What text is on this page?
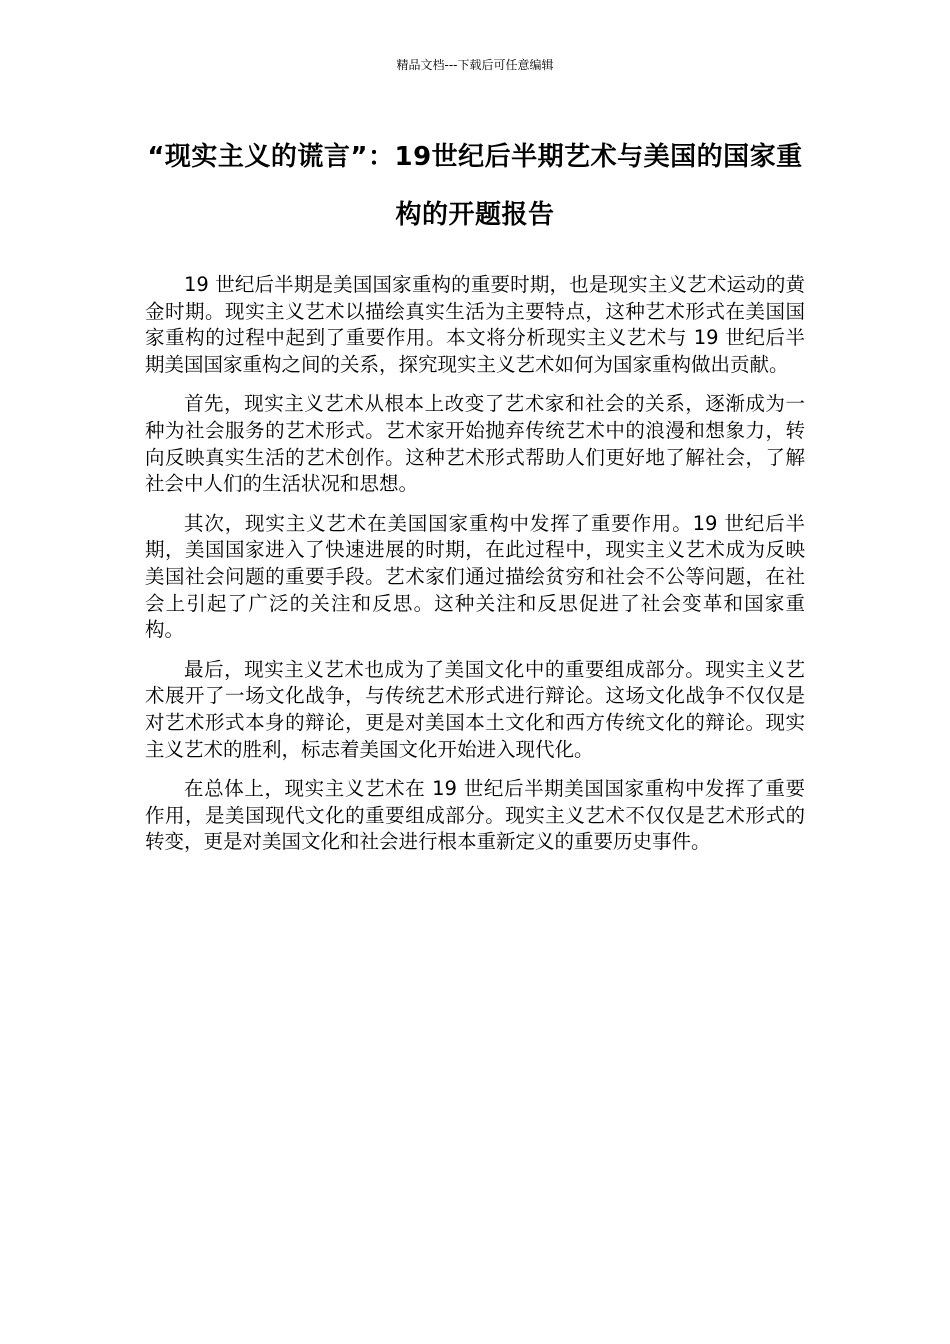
精品文档---下载后可任意编辑
“现实主义的谎言”：19世纪后半期艺术与美国的国家重构的开题报告

19 世纪后半期是美国国家重构的重要时期，也是现实主义艺术运动的黄金时期。现实主义艺术以描绘真实生活为主要特点，这种艺术形式在美国国家重构的过程中起到了重要作用。本文将分析现实主义艺术与 19 世纪后半期美国国家重构之间的关系，探究现实主义艺术如何为国家重构做出贡献。

首先，现实主义艺术从根本上改变了艺术家和社会的关系，逐渐成为一种为社会服务的艺术形式。艺术家开始抛弃传统艺术中的浪漫和想象力，转向反映真实生活的艺术创作。这种艺术形式帮助人们更好地了解社会，了解社会中人们的生活状况和思想。

其次，现实主义艺术在美国国家重构中发挥了重要作用。19 世纪后半期，美国国家进入了快速进展的时期，在此过程中，现实主义艺术成为反映美国社会问题的重要手段。艺术家们通过描绘贫穷和社会不公等问题，在社会上引起了广泛的关注和反思。这种关注和反思促进了社会变革和国家重构。

最后，现实主义艺术也成为了美国文化中的重要组成部分。现实主义艺术展开了一场文化战争，与传统艺术形式进行辩论。这场文化战争不仅仅是对艺术形式本身的辩论，更是对美国本土文化和西方传统文化的辩论。现实主义艺术的胜利，标志着美国文化开始进入现代化。

在总体上，现实主义艺术在 19 世纪后半期美国国家重构中发挥了重要作用，是美国现代文化的重要组成部分。现实主义艺术不仅仅是艺术形式的转变，更是对美国文化和社会进行根本重新定义的重要历史事件。
